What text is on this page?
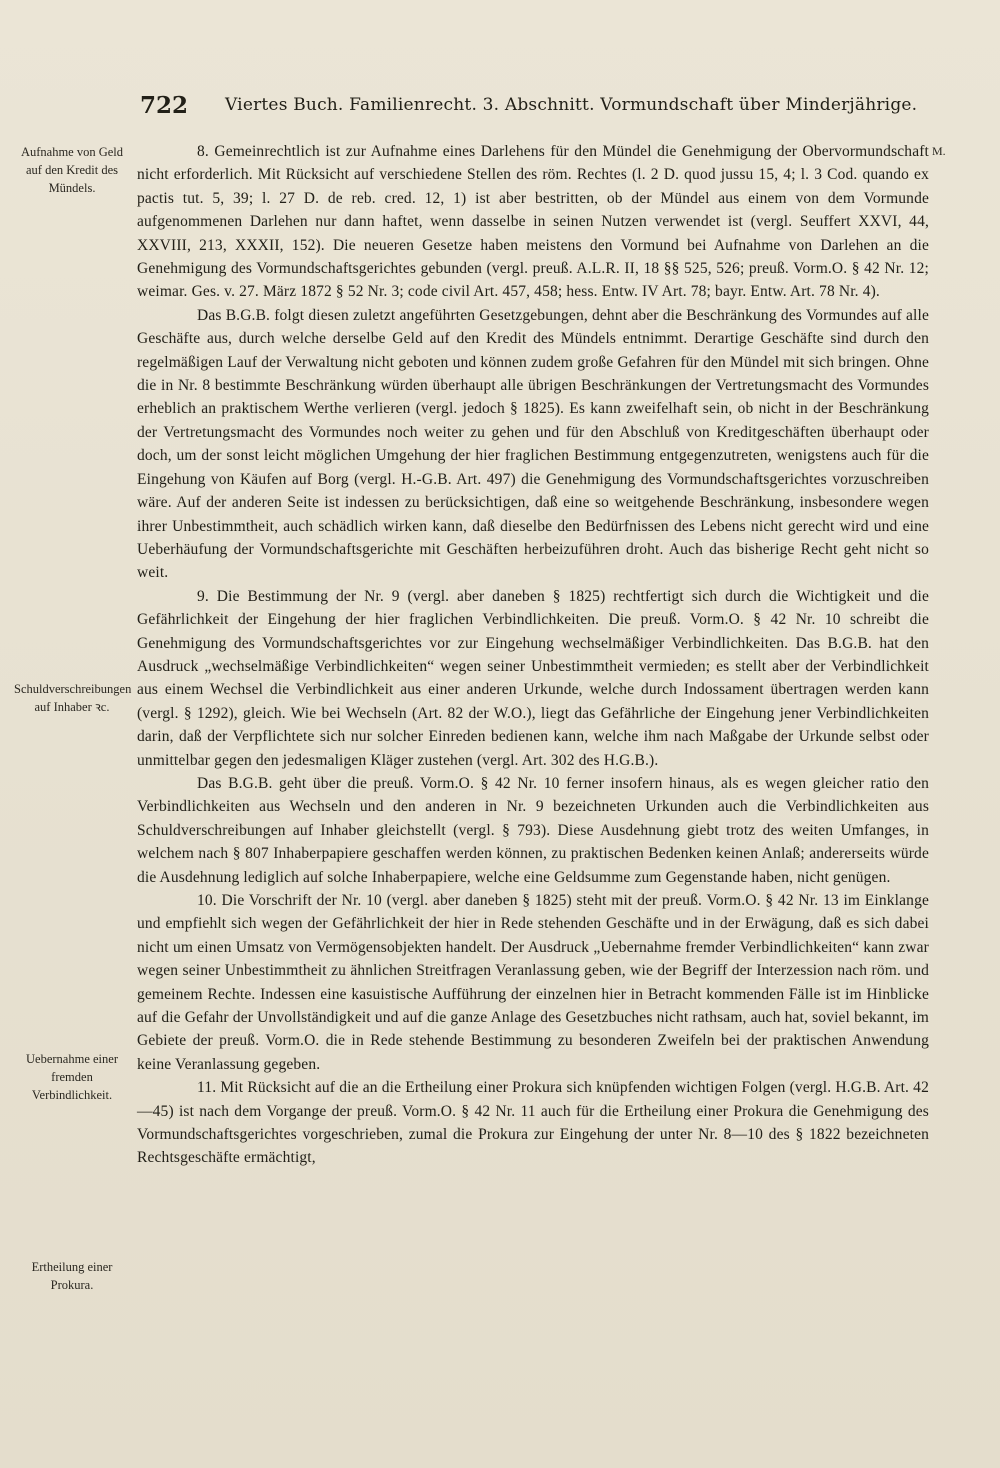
722 Viertes Buch. Familienrecht. 3. Abschnitt. Vormundschaft über Minderjährige.
M.
Aufnahme von Geld auf den Kredit des Mündels.
Schuldverschreibungen auf Inhaber ꝛc.
Uebernahme einer fremden Verbindlichkeit.
Ertheilung einer Prokura.

8. Gemeinrechtlich ist zur Aufnahme eines Darlehens für den Mündel die Genehmigung der Obervormundschaft nicht erforderlich. Mit Rücksicht auf verschiedene Stellen des röm. Rechtes (l. 2 D. quod jussu 15, 4; l. 3 Cod. quando ex pactis tut. 5, 39; l. 27 D. de reb. cred. 12, 1) ist aber bestritten, ob der Mündel aus einem von dem Vormunde aufgenommenen Darlehen nur dann haftet, wenn dasselbe in seinen Nutzen verwendet ist (vergl. Seuffert XXVI, 44, XXVIII, 213, XXXII, 152). Die neueren Gesetze haben meistens den Vormund bei Aufnahme von Darlehen an die Genehmigung des Vormundschaftsgerichtes gebunden (vergl. preuß. A.L.R. II, 18 §§ 525, 526; preuß. Vorm.O. § 42 Nr. 12; weimar. Ges. v. 27. März 1872 § 52 Nr. 3; code civil Art. 457, 458; hess. Entw. IV Art. 78; bayr. Entw. Art. 78 Nr. 4).

Das B.G.B. folgt diesen zuletzt angeführten Gesetzgebungen, dehnt aber die Beschränkung des Vormundes auf alle Geschäfte aus, durch welche derselbe Geld auf den Kredit des Mündels entnimmt. Derartige Geschäfte sind durch den regelmäßigen Lauf der Verwaltung nicht geboten und können zudem große Gefahren für den Mündel mit sich bringen. Ohne die in Nr. 8 bestimmte Beschränkung würden überhaupt alle übrigen Beschränkungen der Vertretungsmacht des Vormundes erheblich an praktischem Werthe verlieren (vergl. jedoch § 1825). Es kann zweifelhaft sein, ob nicht in der Beschränkung der Vertretungsmacht des Vormundes noch weiter zu gehen und für den Abschluß von Kreditgeschäften überhaupt oder doch, um der sonst leicht möglichen Umgehung der hier fraglichen Bestimmung entgegenzutreten, wenigstens auch für die Eingehung von Käufen auf Borg (vergl. H.-G.B. Art. 497) die Genehmigung des Vormundschaftsgerichtes vorzuschreiben wäre. Auf der anderen Seite ist indessen zu berücksichtigen, daß eine so weitgehende Beschränkung, insbesondere wegen ihrer Unbestimmtheit, auch schädlich wirken kann, daß dieselbe den Bedürfnissen des Lebens nicht gerecht wird und eine Ueberhäufung der Vormundschaftsgerichte mit Geschäften herbeizuführen droht. Auch das bisherige Recht geht nicht so weit.

9. Die Bestimmung der Nr. 9 (vergl. aber daneben § 1825) rechtfertigt sich durch die Wichtigkeit und die Gefährlichkeit der Eingehung der hier fraglichen Verbindlichkeiten. Die preuß. Vorm.O. § 42 Nr. 10 schreibt die Genehmigung des Vormundschaftsgerichtes vor zur Eingehung wechselmäßiger Verbindlichkeiten. Das B.G.B. hat den Ausdruck „wechselmäßige Verbindlichkeiten“ wegen seiner Unbestimmtheit vermieden; es stellt aber der Verbindlichkeit aus einem Wechsel die Verbindlichkeit aus einer anderen Urkunde, welche durch Indossament übertragen werden kann (vergl. § 1292), gleich. Wie bei Wechseln (Art. 82 der W.O.), liegt das Gefährliche der Eingehung jener Verbindlichkeiten darin, daß der Verpflichtete sich nur solcher Einreden bedienen kann, welche ihm nach Maßgabe der Urkunde selbst oder unmittelbar gegen den jedesmaligen Kläger zustehen (vergl. Art. 302 des H.G.B.).

Das B.G.B. geht über die preuß. Vorm.O. § 42 Nr. 10 ferner insofern hinaus, als es wegen gleicher ratio den Verbindlichkeiten aus Wechseln und den anderen in Nr. 9 bezeichneten Urkunden auch die Verbindlichkeiten aus Schuldverschreibungen auf Inhaber gleichstellt (vergl. § 793). Diese Ausdehnung giebt trotz des weiten Umfanges, in welchem nach § 807 Inhaberpapiere geschaffen werden können, zu praktischen Bedenken keinen Anlaß; andererseits würde die Ausdehnung lediglich auf solche Inhaberpapiere, welche eine Geldsumme zum Gegenstande haben, nicht genügen.

10. Die Vorschrift der Nr. 10 (vergl. aber daneben § 1825) steht mit der preuß. Vorm.O. § 42 Nr. 13 im Einklange und empfiehlt sich wegen der Gefährlichkeit der hier in Rede stehenden Geschäfte und in der Erwägung, daß es sich dabei nicht um einen Umsatz von Vermögensobjekten handelt. Der Ausdruck „Uebernahme fremder Verbindlichkeiten“ kann zwar wegen seiner Unbestimmtheit zu ähnlichen Streitfragen Veranlassung geben, wie der Begriff der Interzession nach röm. und gemeinem Rechte. Indessen eine kasuistische Aufführung der einzelnen hier in Betracht kommenden Fälle ist im Hinblicke auf die Gefahr der Unvollständigkeit und auf die ganze Anlage des Gesetzbuches nicht rathsam, auch hat, soviel bekannt, im Gebiete der preuß. Vorm.O. die in Rede stehende Bestimmung zu besonderen Zweifeln bei der praktischen Anwendung keine Veranlassung gegeben.

11. Mit Rücksicht auf die an die Ertheilung einer Prokura sich knüpfenden wichtigen Folgen (vergl. H.G.B. Art. 42—45) ist nach dem Vorgange der preuß. Vorm.O. § 42 Nr. 11 auch für die Ertheilung einer Prokura die Genehmigung des Vormundschaftsgerichtes vorgeschrieben, zumal die Prokura zur Eingehung der unter Nr. 8—10 des § 1822 bezeichneten Rechtsgeschäfte ermächtigt,
